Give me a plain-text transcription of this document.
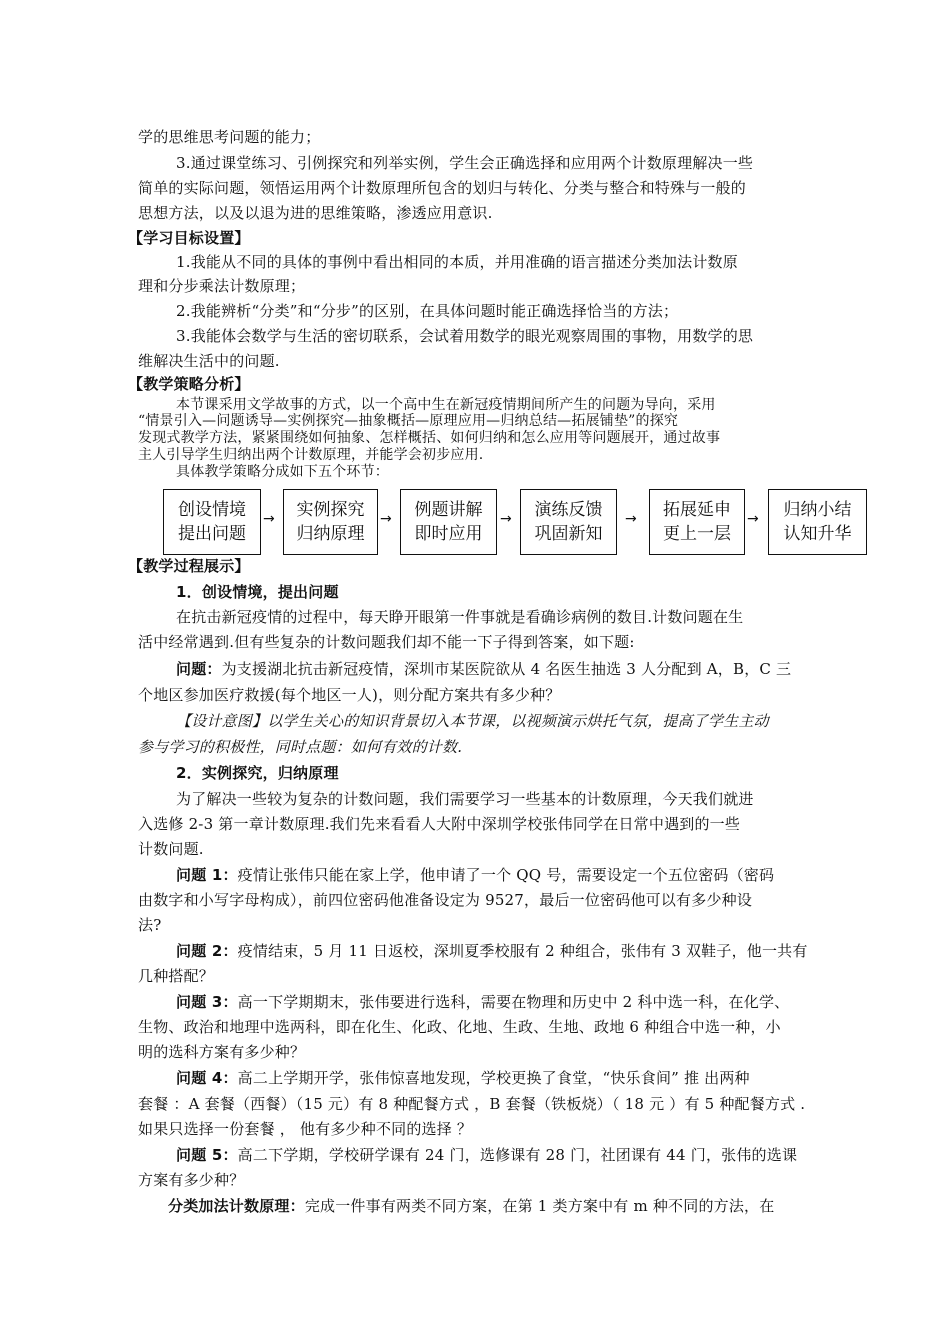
学的思维思考问题的能力；
3.通过课堂练习、引例探究和列举实例，学生会正确选择和应用两个计数原理解决一些
简单的实际问题，领悟运用两个计数原理所包含的划归与转化、分类与整合和特殊与一般的
思想方法，以及以退为进的思维策略，渗透应用意识.
【学习目标设置】
1.我能从不同的具体的事例中看出相同的本质，并用准确的语言描述分类加法计数原
理和分步乘法计数原理；
2.我能辨析“分类”和“分步”的区别，在具体问题时能正确选择恰当的方法；
3.我能体会数学与生活的密切联系，会试着用数学的眼光观察周围的事物，用数学的思
维解决生活中的问题.
【教学策略分析】
本节课采用文学故事的方式，以一个高中生在新冠疫情期间所产生的问题为导向，采用
“情景引入—问题诱导—实例探究—抽象概括—原理应用—归纳总结—拓展铺垫”的探究
发现式教学方法，紧紧围绕如何抽象、怎样概括、如何归纳和怎么应用等问题展开，通过故事
主人引导学生归纳出两个计数原理，并能学会初步应用.
具体教学策略分成如下五个环节：
创设情境
提出问题
→ 实例探究
归纳原理
→ 例题讲解
即时应用
→ 演练反馈
巩固新知
→ 拓展延申
更上一层
→ 归纳小结
认知升华
【教学过程展示】
1．创设情境，提出问题
在抗击新冠疫情的过程中，每天睁开眼第一件事就是看确诊病例的数目.计数问题在生
活中经常遇到.但有些复杂的计数问题我们却不能一下子得到答案，如下题:
问题：为支援湖北抗击新冠疫情，深圳市某医院欲从 4 名医生抽选 3 人分配到 A，B，C 三
个地区参加医疗救援(每个地区一人)，则分配方案共有多少种？
【设计意图】以学生关心的知识背景切入本节课，以视频演示烘托气氛，提高了学生主动
参与学习的积极性，同时点题：如何有效的计数.
2．实例探究，归纳原理
为了解决一些较为复杂的计数问题，我们需要学习一些基本的计数原理，今天我们就进
入选修 2-3 第一章计数原理.我们先来看看人大附中深圳学校张伟同学在日常中遇到的一些
计数问题.
问题 1：疫情让张伟只能在家上学，他申请了一个 QQ 号，需要设定一个五位密码（密码
由数字和小写字母构成），前四位密码他准备设定为 9527，最后一位密码他可以有多少种设
法?
问题 2：疫情结束，5 月 11 日返校，深圳夏季校服有 2 种组合，张伟有 3 双鞋子，他一共有
几种搭配？
问题 3：高一下学期期末，张伟要进行选科，需要在物理和历史中 2 科中选一科，在化学、
生物、政治和地理中选两科，即在化生、化政、化地、生政、生地、政地 6 种组合中选一种，小
明的选科方案有多少种？
问题 4：高二上学期开学，张伟惊喜地发现，学校更换了食堂，“快乐食间” 推 出两种
套餐 ：A 套餐（西餐）（15 元）有 8 种配餐方式 ，B 套餐（铁板烧）（ 18 元 ）有 5 种配餐方式 .
如果只选择一份套餐 ， 他有多少种不同的选择 ？
问题 5：高二下学期，学校研学课有 24 门，选修课有 28 门，社团课有 44 门，张伟的选课
方案有多少种？
分类加法计数原理：完成一件事有两类不同方案，在第 1 类方案中有 m 种不同的方法，在
